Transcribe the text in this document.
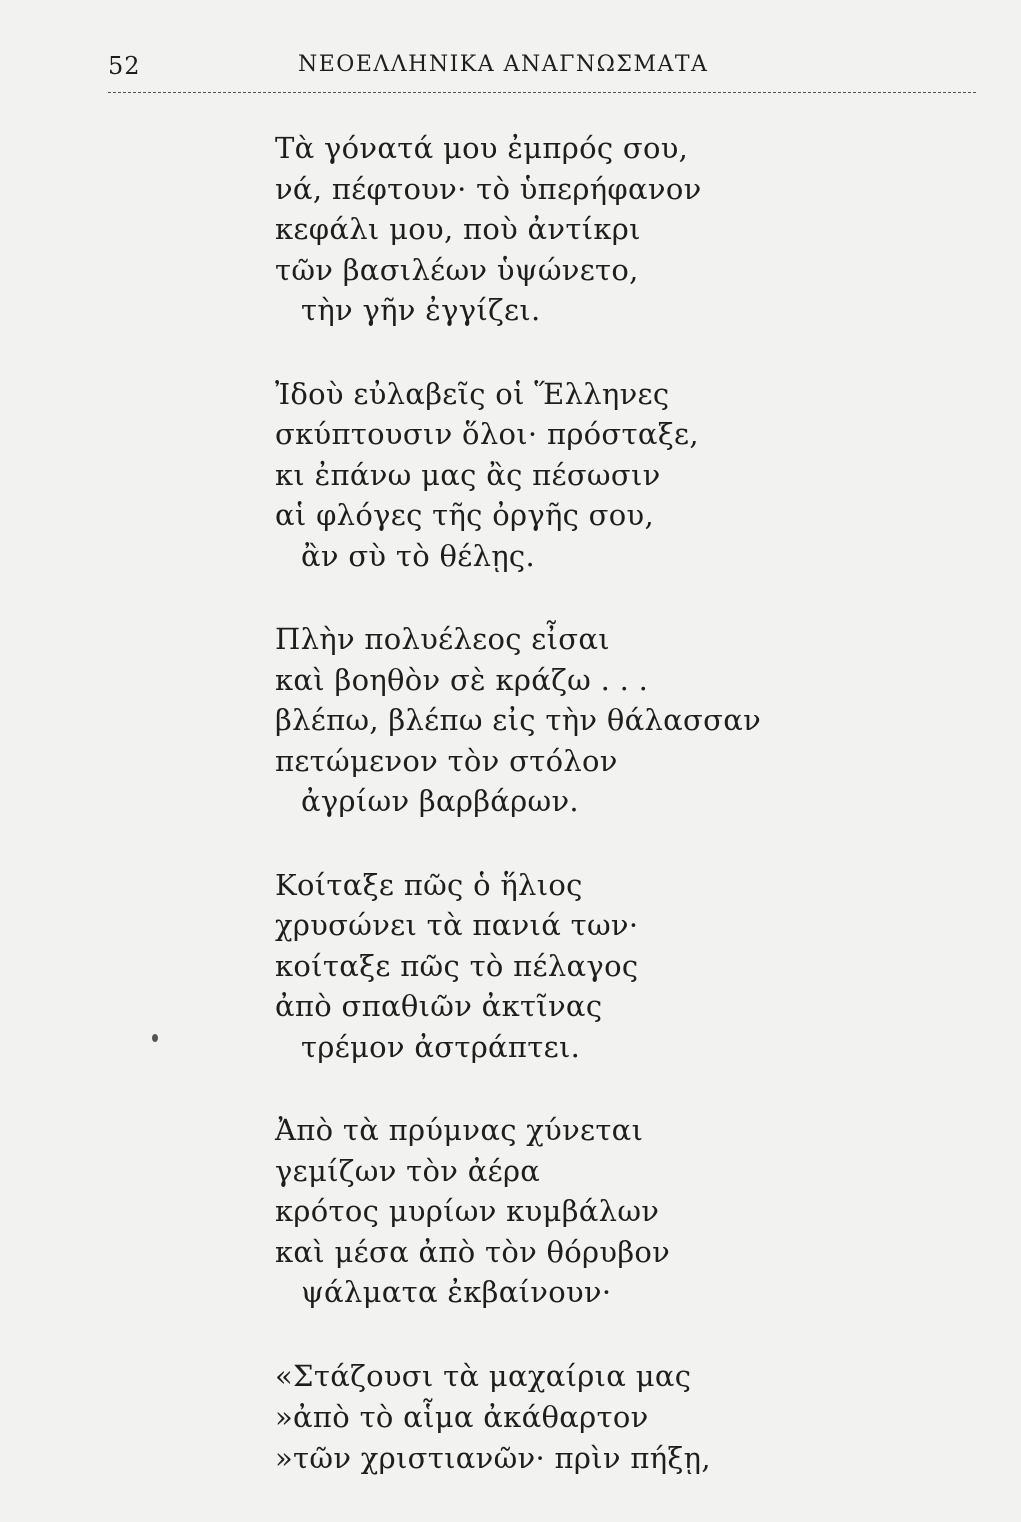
52	ΝΕΟΕΛΛΗΝΙΚΑ ΑΝΑΓΝΩΣΜΑΤΑ
Τὰ γόνατά μου ἐμπρός σου,
νά, πέφτουν· τὸ ὑπερήφανον
κεφάλι μου, ποὺ ἀντίκρι
τῶν βασιλέων ὑψώνετο,
τὴν γῆν ἐγγίζει.
Ἰδοὺ εὐλαβεῖς οἱ Ἕλληνες
σκύπτουσιν ὅλοι· πρόσταξε,
κι ἐπάνω μας ἂς πέσωσιν
αἱ φλόγες τῆς ὀργῆς σου,
ἂν σὺ τὸ θέλῃς.
Πλὴν πολυέλεος εἶσαι
καὶ βοηθὸν σὲ κράζω . . .
βλέπω, βλέπω εἰς τὴν θάλασσαν
πετώμενον τὸν στόλον
ἀγρίων βαρβάρων.
Κοίταξε πῶς ὁ ἥλιος
χρυσώνει τὰ πανιά των·
κοίταξε πῶς τὸ πέλαγος
ἀπὸ σπαθιῶν ἀκτῖνας
τρέμον ἀστράπτει.
Ἀπὸ τὰ πρύμνας χύνεται
γεμίζων τὸν ἀέρα
κρότος μυρίων κυμβάλων
καὶ μέσα ἀπὸ τὸν θόρυβον
ψάλματα ἐκβαίνουν·
«Στάζουσι τὰ μαχαίρια μας
»ἀπὸ τὸ αἷμα ἀκάθαρτον
»τῶν χριστιανῶν· πρὶν πήξῃ,
